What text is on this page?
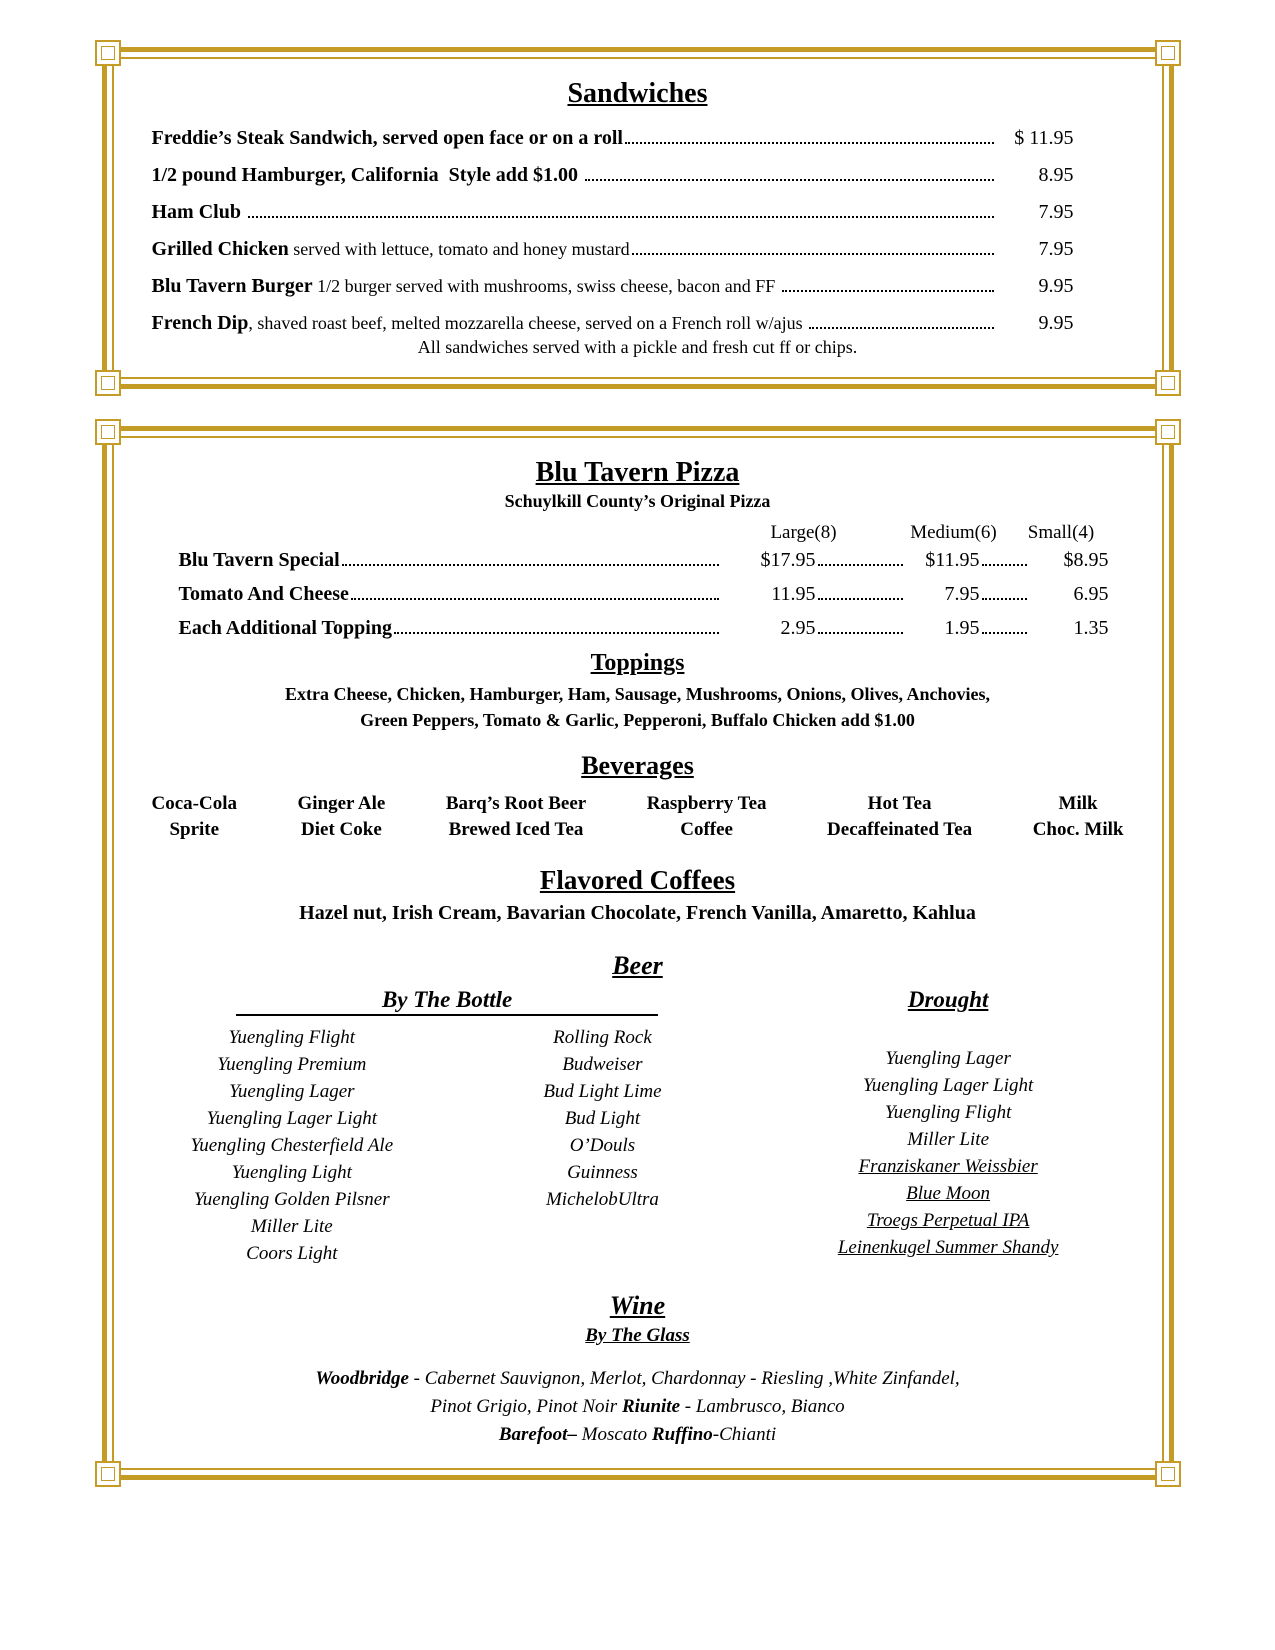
Sandwiches
Freddie’s Steak Sandwich, served open face or on a roll	$ 11.95
1/2 pound Hamburger, California  Style add $1.00	8.95
Ham Club	7.95
Grilled Chicken served with lettuce, tomato and honey mustard	7.95
Blu Tavern Burger 1/2 burger served with mushrooms, swiss cheese, bacon and FF	9.95
French Dip , shaved roast beef, melted mozzarella cheese, served on a French roll w/ajus	9.95
All sandwiches served with a pickle and fresh cut ff or chips.
Blu Tavern Pizza
Schuylkill County’s Original Pizza
Large(8)	Medium(6)	Small(4)
Blu Tavern Special	$17.95	$11.95	$8.95
Tomato And Cheese	11.95	7.95	6.95
Each Additional Topping	2.95	1.95	1.35
Toppings
Extra Cheese, Chicken, Hamburger, Ham, Sausage, Mushrooms, Onions, Olives, Anchovies,
Green Peppers, Tomato & Garlic, Pepperoni, Buffalo Chicken add $1.00
Beverages
Coca-Cola
Sprite
Ginger Ale
Diet Coke
Barq’s Root Beer
Brewed Iced Tea
Raspberry Tea
Coffee
Hot Tea
Decaffeinated Tea
Milk
Choc. Milk
Flavored Coffees
Hazel nut, Irish Cream, Bavarian Chocolate, French Vanilla, Amaretto, Kahlua
Beer
By The Bottle
Yuengling Flight
Yuengling Premium
Yuengling Lager
Yuengling Lager Light
Yuengling Chesterfield Ale
Yuengling Light
Yuengling Golden Pilsner
Miller Lite
Coors Light
Rolling Rock
Budweiser
Bud Light Lime
Bud Light
O’Douls
Guinness
MichelobUltra
Drought
Yuengling Lager
Yuengling Lager Light
Yuengling Flight
Miller Lite
Franziskaner Weissbier
Blue Moon
Troegs Perpetual IPA
Leinenkugel Summer Shandy
Wine
By The Glass
Woodbridge - Cabernet Sauvignon, Merlot, Chardonnay - Riesling ,White Zinfandel,
Pinot Grigio, Pinot Noir Riunite - Lambrusco, Bianco
Barefoot– Moscato Ruffino-Chianti
